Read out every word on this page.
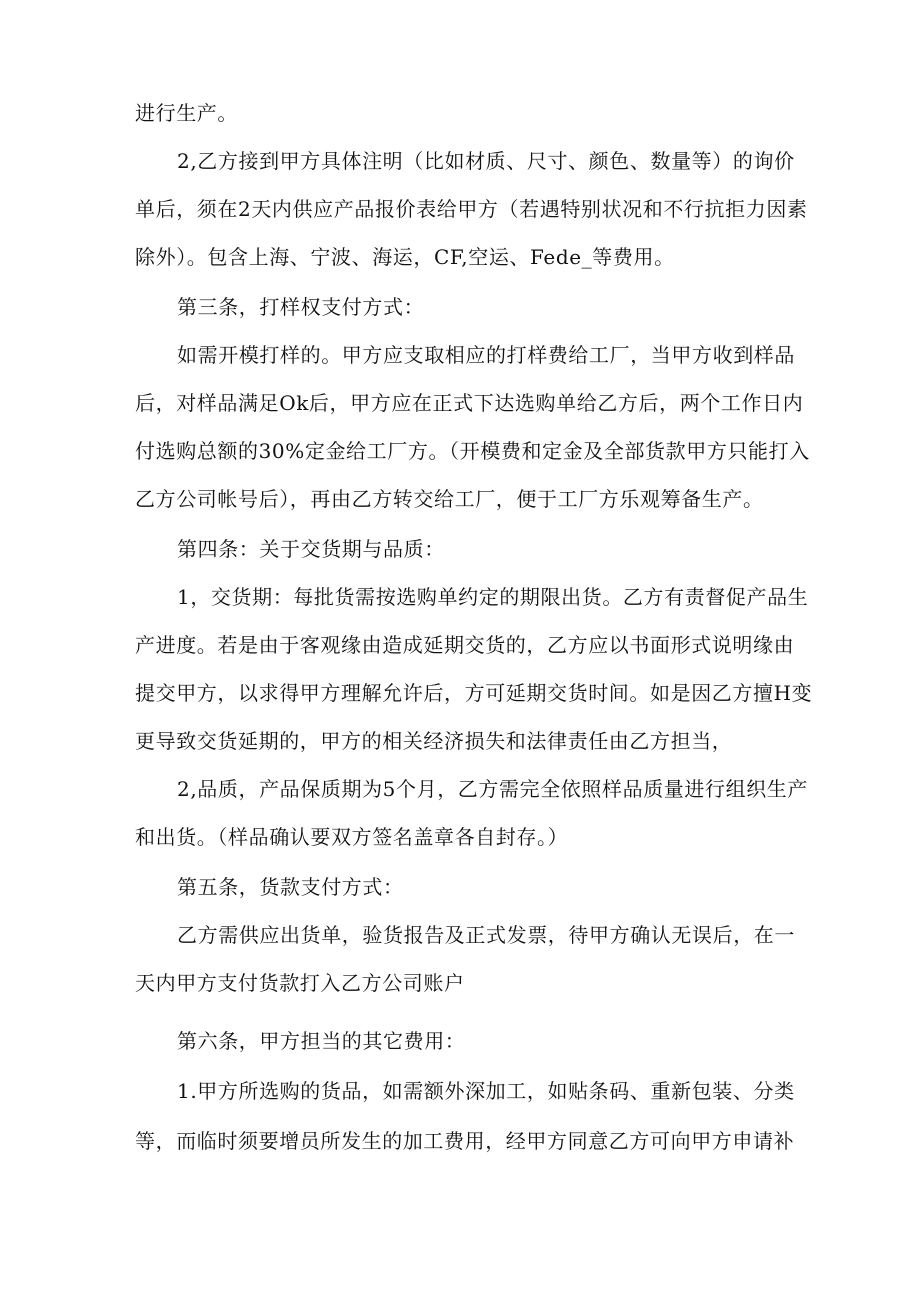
进行生产。
2,乙方接到甲方具体注明（比如材质、尺寸、颜色、数量等）的询价
单后，须在2天内供应产品报价表给甲方（若遇特别状况和不行抗拒力因素
除外）。包含上海、宁波、海运，CF,空运、Fede_等费用。
第三条，打样权支付方式：
如需开模打样的。甲方应支取相应的打样费给工厂，当甲方收到样品
后，对样品满足Ok后，甲方应在正式下达选购单给乙方后，两个工作日内
付选购总额的30%定金给工厂方。（开模费和定金及全部货款甲方只能打入
乙方公司帐号后），再由乙方转交给工厂，便于工厂方乐观筹备生产。
第四条：关于交货期与品质：
1，交货期：每批货需按选购单约定的期限出货。乙方有责督促产品生
产进度。若是由于客观缘由造成延期交货的，乙方应以书面形式说明缘由
提交甲方，以求得甲方理解允许后，方可延期交货时间。如是因乙方擅H变
更导致交货延期的，甲方的相关经济损失和法律责任由乙方担当，
2,品质，产品保质期为5个月，乙方需完全依照样品质量进行组织生产
和出货。（样品确认要双方签名盖章各自封存。）
第五条，货款支付方式：
乙方需供应出货单，验货报告及正式发票，待甲方确认无误后，在一
天内甲方支付货款打入乙方公司账户
第六条，甲方担当的其它费用：
1.甲方所选购的货品，如需额外深加工，如贴条码、重新包装、分类
等，而临时须要增员所发生的加工费用，经甲方同意乙方可向甲方申请补
